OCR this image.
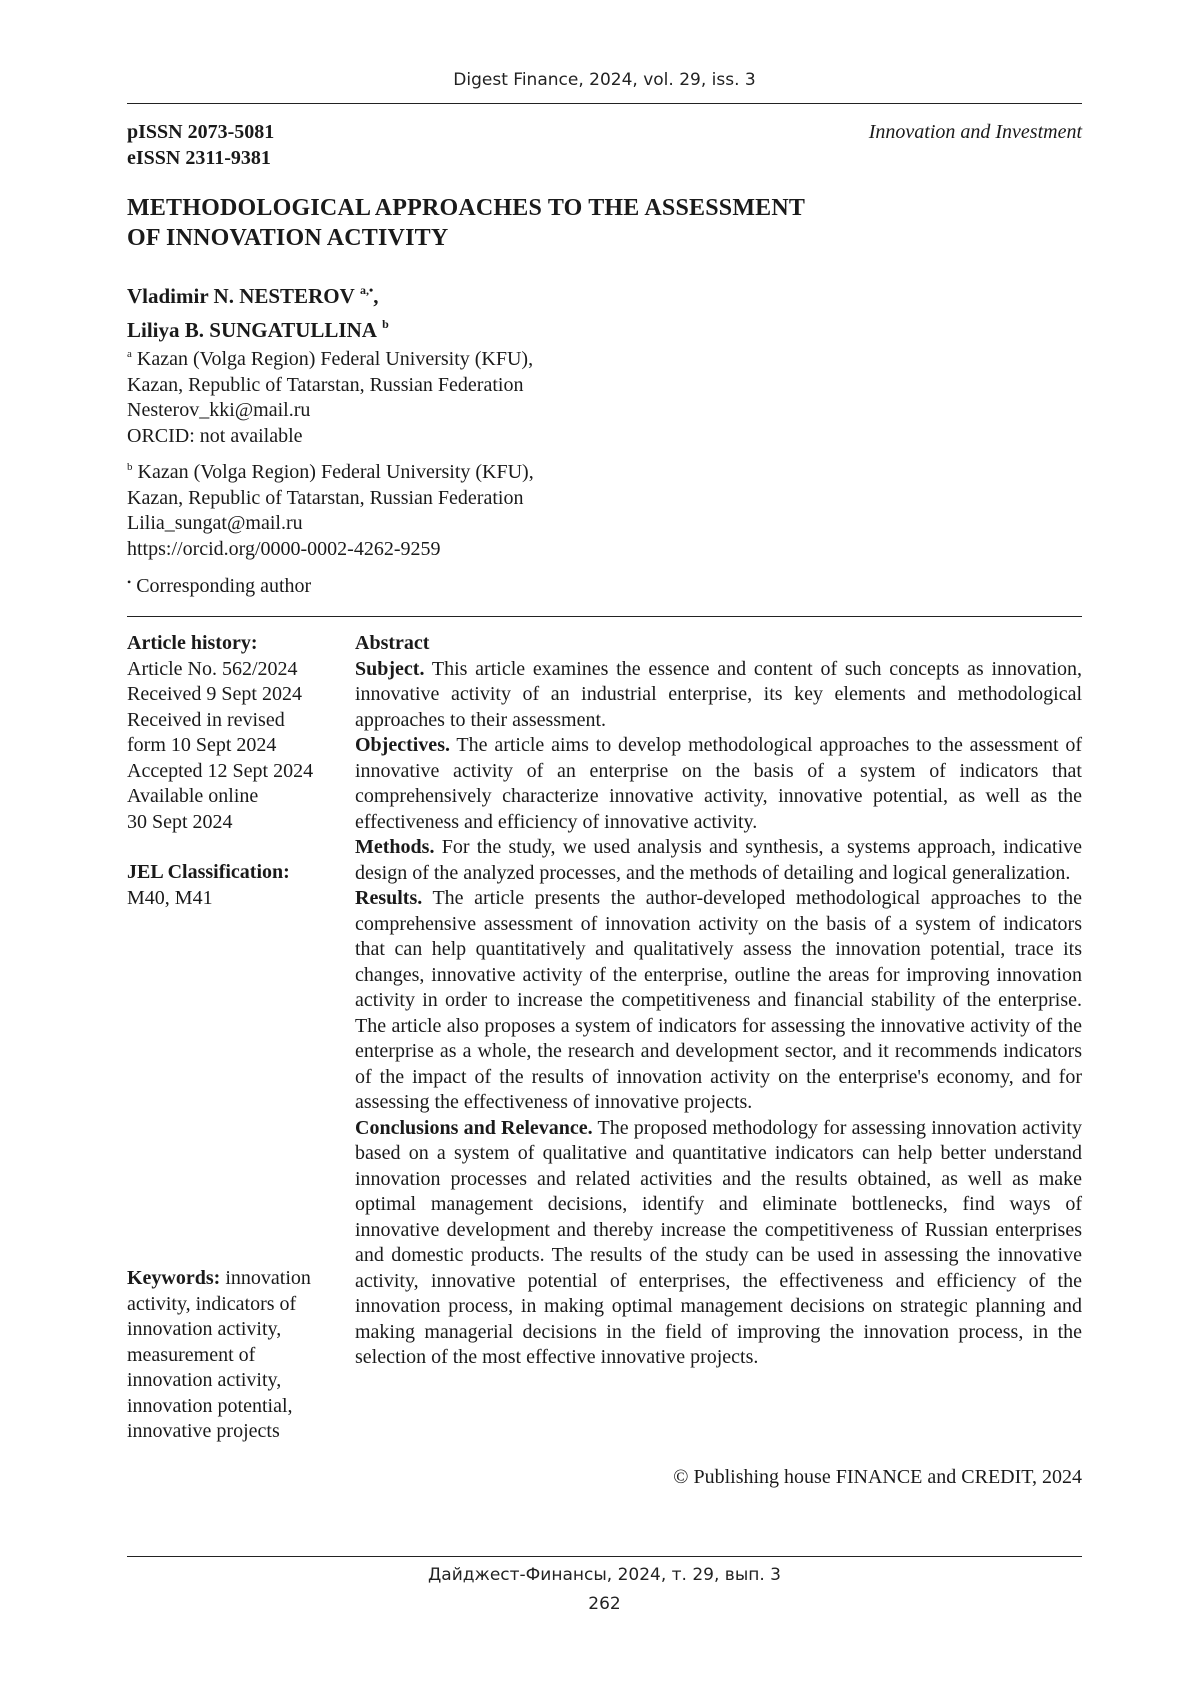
Digest Finance, 2024, vol. 29, iss. 3
pISSN 2073-5081
eISSN 2311-9381
Innovation and Investment
METHODOLOGICAL APPROACHES TO THE ASSESSMENT
OF INNOVATION ACTIVITY
Vladimir N. NESTEROV $^{a,•}$,
Liliya B. SUNGATULLINA $^b$
$^a$ Kazan (Volga Region) Federal University (KFU),
Kazan, Republic of Tatarstan, Russian Federation
Nesterov_kki@mail.ru
ORCID: not available
$^b$ Kazan (Volga Region) Federal University (KFU),
Kazan, Republic of Tatarstan, Russian Federation
Lilia_sungat@mail.ru
https://orcid.org/0000-0002-4262-9259
• Corresponding author
Article history:
Article No. 562/2024
Received 9 Sept 2024
Received in revised
form 10 Sept 2024
Accepted 12 Sept 2024
Available online
30 Sept 2024
JEL Classification:
M40, M41
Keywords: innovation activity, indicators of innovation activity, measurement of innovation activity, innovation potential, innovative projects

Abstract

Subject. This article examines the essence and content of such concepts as innovation, innovative activity of an industrial enterprise, its key elements and methodological approaches to their assessment.

Objectives. The article aims to develop methodological approaches to the assessment of innovative activity of an enterprise on the basis of a system of indicators that comprehensively characterize innovative activity, innovative potential, as well as the effectiveness and efficiency of innovative activity.

Methods. For the study, we used analysis and synthesis, a systems approach, indicative design of the analyzed processes, and the methods of detailing and logical generalization.

Results. The article presents the author-developed methodological approaches to the comprehensive assessment of innovation activity on the basis of a system of indicators that can help quantitatively and qualitatively assess the innovation potential, trace its changes, innovative activity of the enterprise, outline the areas for improving innovation activity in order to increase the competitiveness and financial stability of the enterprise. The article also proposes a system of indicators for assessing the innovative activity of the enterprise as a whole, the research and development sector, and it recommends indicators of the impact of the results of innovation activity on the enterprise's economy, and for assessing the effectiveness of innovative projects.

Conclusions and Relevance. The proposed methodology for assessing innovation activity based on a system of qualitative and quantitative indicators can help better understand innovation processes and related activities and the results obtained, as well as make optimal management decisions, identify and eliminate bottlenecks, find ways of innovative development and thereby increase the competitiveness of Russian enterprises and domestic products. The results of the study can be used in assessing the innovative activity, innovative potential of enterprises, the effectiveness and efficiency of the innovation process, in making optimal management decisions on strategic planning and making managerial decisions in the field of improving the innovation process, in the selection of the most effective innovative projects.

© Publishing house FINANCE and CREDIT, 2024
Дайджест-Финансы, 2024, т. 29, вып. 3
262
